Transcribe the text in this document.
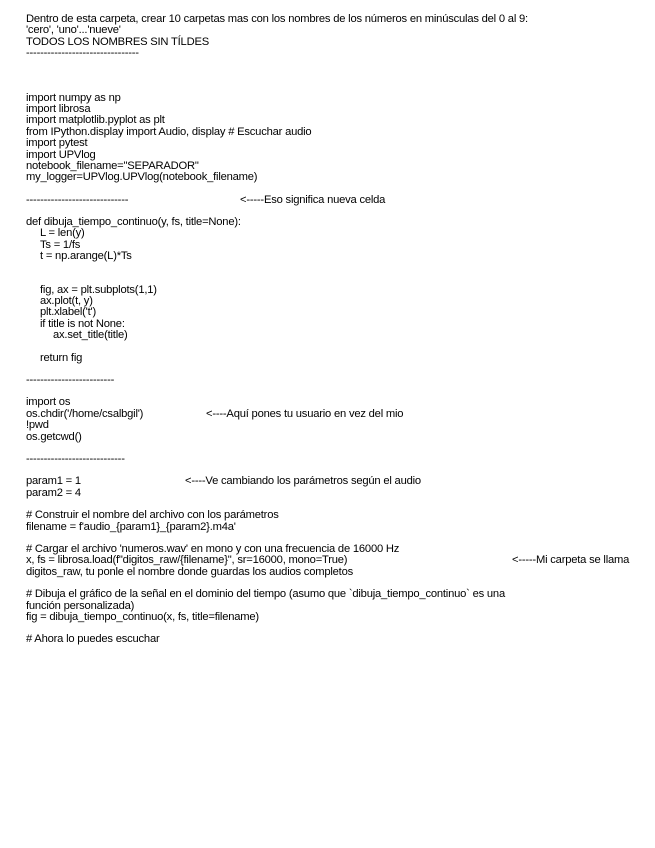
Dentro de esta carpeta, crear 10 carpetas mas con los nombres de los números en minúsculas del 0 al 9:
'cero', 'uno'...'nueve'
TODOS LOS NOMBRES SIN TÍLDES
--------------------------------
import numpy as np
import librosa
import matplotlib.pyplot as plt
from IPython.display import Audio, display # Escuchar audio
import pytest
import UPVlog
notebook_filename="SEPARADOR"
my_logger=UPVlog.UPVlog(notebook_filename)
-----------------------------	<-----Eso significa nueva celda
def dibuja_tiempo_continuo(y, fs, title=None):
L = len(y)
Ts = 1/fs
t = np.arange(L)*Ts
fig, ax = plt.subplots(1,1)
ax.plot(t, y)
plt.xlabel('t')
if title is not None:
ax.set_title(title)
return fig
-------------------------
import os
os.chdir('/home/csalbgil')	<----Aquí pones tu usuario en vez del mio
!pwd
os.getcwd()
----------------------------
param1 = 1	<----Ve cambiando los parámetros según el audio
param2 = 4
# Construir el nombre del archivo con los parámetros
filename = f'audio_{param1}_{param2}.m4a'
# Cargar el archivo 'numeros.wav' en mono y con una frecuencia de 16000 Hz
x, fs = librosa.load(f"digitos_raw/{filename}", sr=16000, mono=True)	<-----Mi carpeta se llama
digitos_raw, tu ponle el nombre donde guardas los audios completos
# Dibuja el gráfico de la señal en el dominio del tiempo (asumo que `dibuja_tiempo_continuo` es una
función personalizada)
fig = dibuja_tiempo_continuo(x, fs, title=filename)
# Ahora lo puedes escuchar
